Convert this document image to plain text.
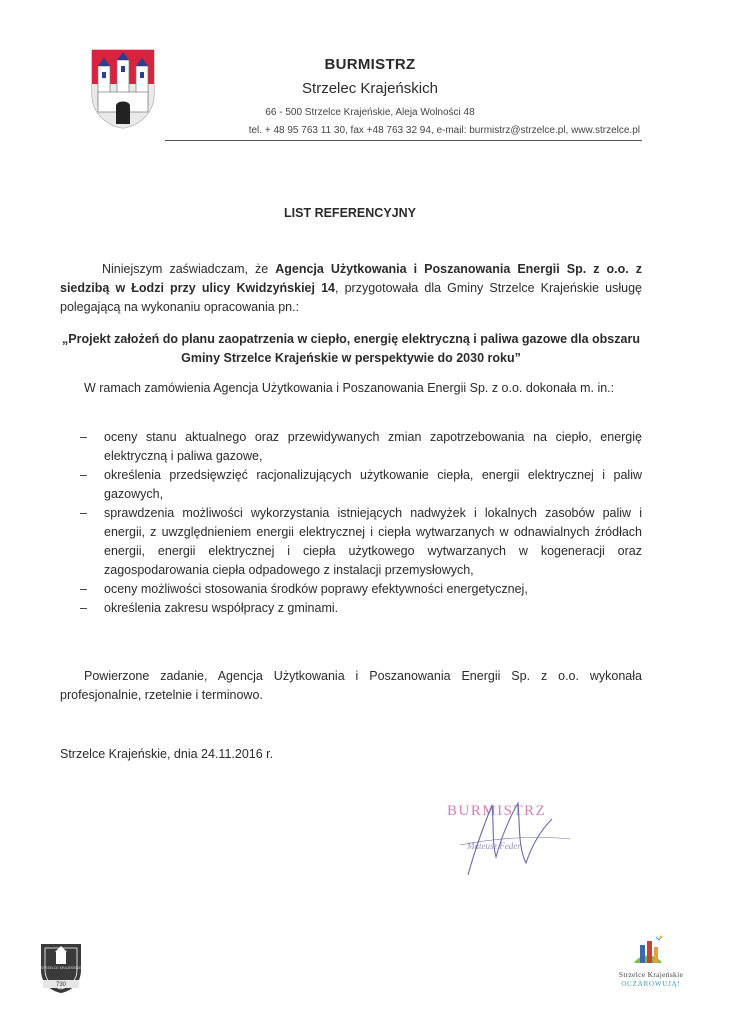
BURMISTRZ
Strzelec Krajeńskich
66 - 500 Strzelce Krajeńskie, Aleja Wolności 48
tel. + 48 95 763 11 30, fax +48 763 32 94, e-mail: burmistrz@strzelce.pl, www.strzelce.pl
LIST REFERENCYJNY
Niniejszym zaświadczam, że Agencja Użytkowania i Poszanowania Energii Sp. z o.o. z siedzibą w Łodzi przy ulicy Kwidzyńskiej 14, przygotowała dla Gminy Strzelce Krajeńskie usługę polegającą na wykonaniu opracowania pn.:
„Projekt założeń do planu zaopatrzenia w ciepło, energię elektryczną i paliwa gazowe dla obszaru Gminy Strzelce Krajeńskie w perspektywie do 2030 roku”
W ramach zamówienia Agencja Użytkowania i Poszanowania Energii Sp. z o.o. dokonała m. in.:
– oceny stanu aktualnego oraz przewidywanych zmian zapotrzebowania na ciepło, energię elektryczną i paliwa gazowe,
– określenia przedsięwzięć racjonalizujących użytkowanie ciepła, energii elektrycznej i paliw gazowych,
– sprawdzenia możliwości wykorzystania istniejących nadwyżek i lokalnych zasobów paliw i energii, z uwzględnieniem energii elektrycznej i ciepła wytwarzanych w odnawialnych źródłach energii, energii elektrycznej i ciepła użytkowego wytwarzanych w kogeneracji oraz zagospodarowania ciepła odpadowego z instalacji przemysłowych,
– oceny możliwości stosowania środków poprawy efektywności energetycznej,
– określenia zakresu współpracy z gminami.
Powierzone zadanie, Agencja Użytkowania i Poszanowania Energii Sp. z o.o. wykonała profesjonalnie, rzetelnie i terminowo.
Strzelce Krajeńskie, dnia 24.11.2016 r.
BURMISTRZ
Mateusz Feder
STRZELCE KRAJEŃSKIE
730
Strzelce Krajeńskie
OCZAROWUJĄ!
